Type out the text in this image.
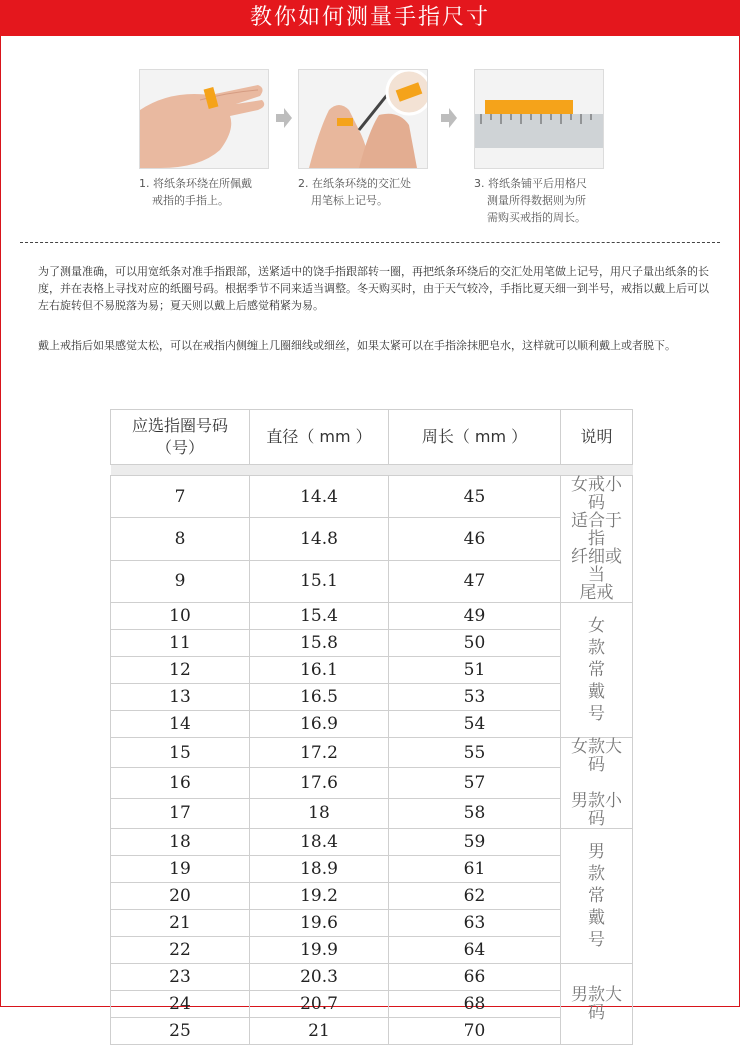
教你如何测量手指尺寸
1. 将纸条环绕在所佩戴
戒指的手指上。
2. 在纸条环绕的交汇处
用笔标上记号。
3. 将纸条铺平后用格尺
测量所得数据则为所
需购买戒指的周长。
为了测量准确，可以用宽纸条对准手指跟部，送紧适中的饶手指跟部转一圈，再把纸条环绕后的交汇处用笔做上记号，用尺子量出纸条的长度，并在表格上寻找对应的纸圈号码。根据季节不同来适当调整。冬天购买时，由于天气较冷，手指比夏天细一到半号，戒指以戴上后可以左右旋转但不易脱落为易；夏天则以戴上后感觉稍紧为易。
戴上戒指后如果感觉太松，可以在戒指内侧缠上几圈细线或细丝，如果太紧可以在手指涂抹肥皂水，这样就可以顺利戴上或者脱下。
应选指圈号码
（号）	直径（ mm ）	周长（ mm ）	说明

7	14.4	45	女戒小码
适合于指
纤细或当
尾戒
8	14.8	46	
9	15.1	47	
10	15.4	49	女
款
常
戴
号

11	15.8	50	
12	16.1	51	
13	16.5	53	
14	16.9	54	
15	17.2	55	女款大码

男款小码
16	17.6	57	
17	18	58	
18	18.4	59	男
款
常
戴
号

19	18.9	61	
20	19.2	62	
21	19.6	63	
22	19.9	64	
23	20.3	66	男款大码
24	20.7	68	
25	21	70	
